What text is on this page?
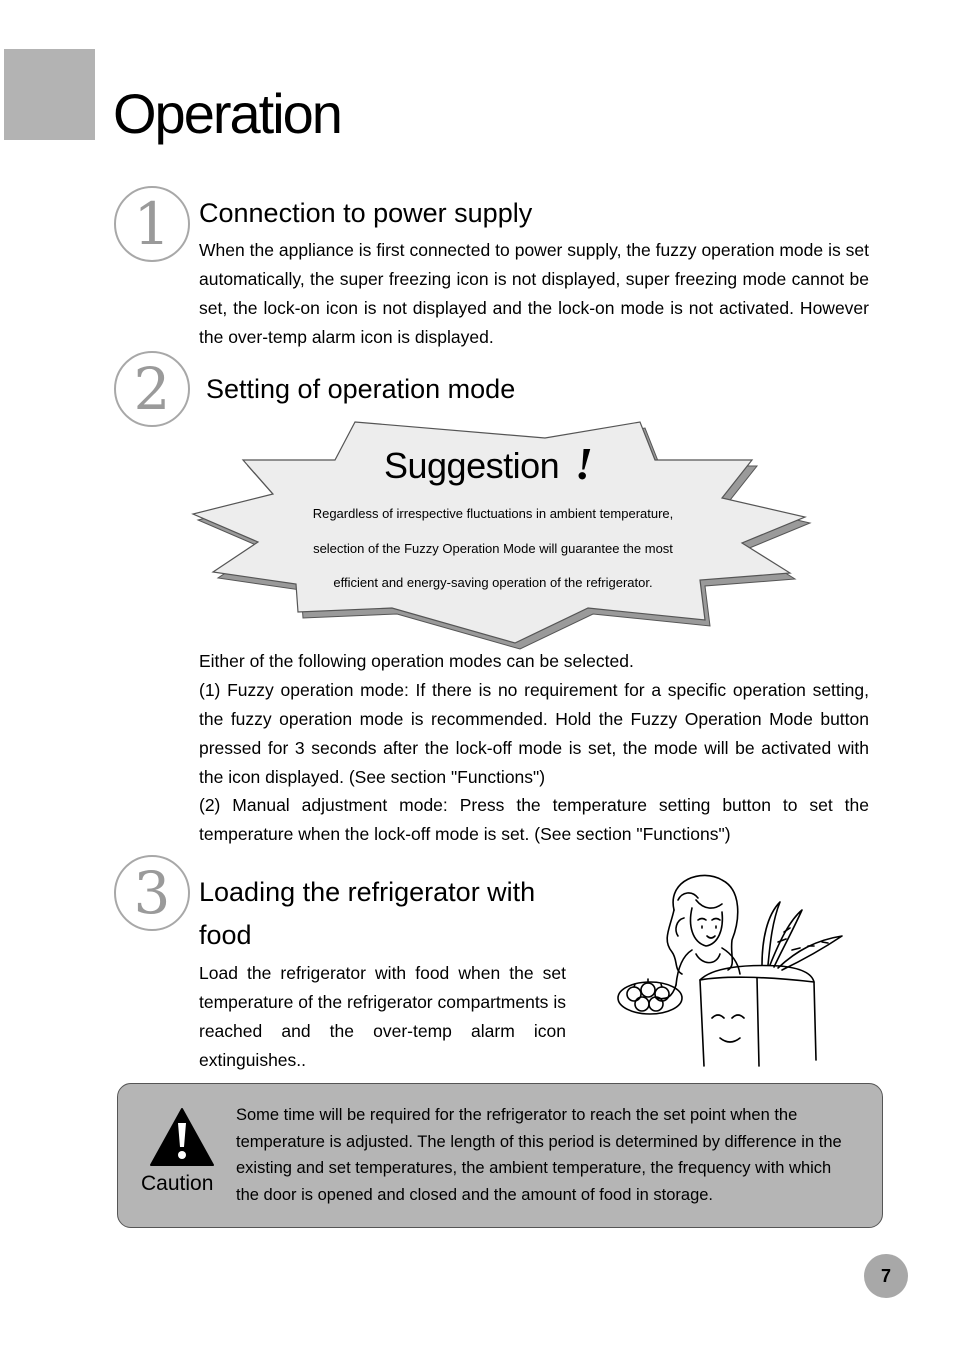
Operation
1	Connection to power supply

When the appliance is first connected to power supply, the fuzzy operation mode is set automatically, the super freezing icon is not displayed, super freezing mode cannot be set, the lock-on icon is not displayed and the lock-on mode is not activated. However the over-temp alarm icon is displayed.

2	Setting of operation mode
Suggestion !
Regardless of irrespective fluctuations in ambient temperature,
selection of the Fuzzy Operation Mode will guarantee the most
efficient and energy-saving operation of the refrigerator.

Either of the following operation modes can be selected.

(1) Fuzzy operation mode: If there is no requirement for a specific operation setting, the fuzzy operation mode is recommended. Hold the Fuzzy Operation Mode button pressed for 3 seconds after the lock-off mode is set, the mode will be activated with the icon displayed. (See section "Functions")

(2) Manual adjustment mode: Press the temperature setting button to set the temperature when the lock-off mode is set. (See section "Functions")

3	Loading the refrigerator with
food

Load the refrigerator with food when the set temperature of the refrigerator compartments is reached and the over-temp alarm icon extinguishes..

Caution

Some time will be required for the refrigerator to reach the set point when the temperature is adjusted. The length of this period is determined by difference in the existing and set temperatures, the ambient temperature, the frequency with which the door is opened and closed and the amount of food in storage.

7
